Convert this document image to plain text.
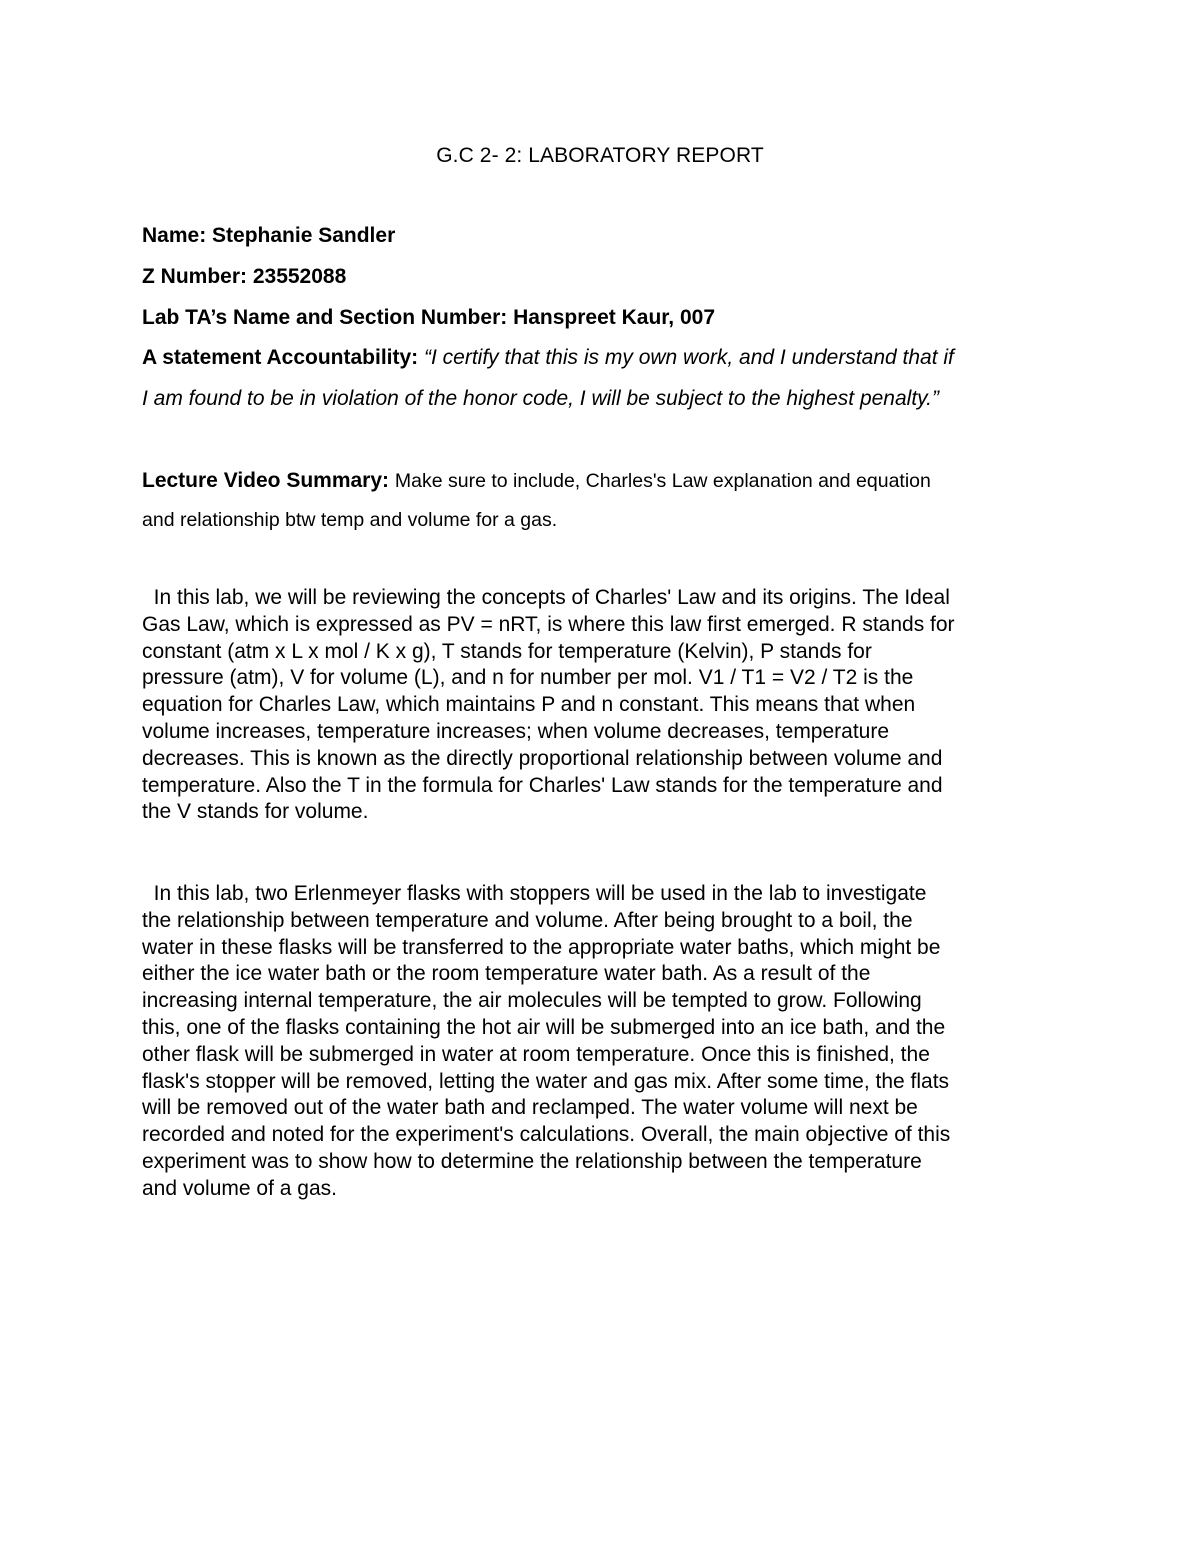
G.C 2- 2: LABORATORY REPORT
Name: Stephanie Sandler
Z Number: 23552088
Lab TA’s Name and Section Number: Hanspreet Kaur, 007
A statement Accountability: “I certify that this is my own work, and I understand that if
I am found to be in violation of the honor code, I will be subject to the highest penalty.”
Lecture Video Summary: Make sure to include, Charles's Law explanation and equation
and relationship btw temp and volume for a gas.

In this lab, we will be reviewing the concepts of Charles' Law and its origins. The Ideal

Gas Law, which is expressed as PV = nRT, is where this law first emerged. R stands for

constant (atm x L x mol / K x g), T stands for temperature (Kelvin), P stands for

pressure (atm), V for volume (L), and n for number per mol. V1 / T1 = V2 / T2 is the

equation for Charles Law, which maintains P and n constant. This means that when

volume increases, temperature increases; when volume decreases, temperature

decreases. This is known as the directly proportional relationship between volume and

temperature. Also the T in the formula for Charles' Law stands for the temperature and

the V stands for volume.

In this lab, two Erlenmeyer flasks with stoppers will be used in the lab to investigate

the relationship between temperature and volume. After being brought to a boil, the

water in these flasks will be transferred to the appropriate water baths, which might be

either the ice water bath or the room temperature water bath. As a result of the

increasing internal temperature, the air molecules will be tempted to grow. Following

this, one of the flasks containing the hot air will be submerged into an ice bath, and the

other flask will be submerged in water at room temperature. Once this is finished, the

flask's stopper will be removed, letting the water and gas mix. After some time, the flats

will be removed out of the water bath and reclamped. The water volume will next be

recorded and noted for the experiment's calculations. Overall, the main objective of this

experiment was to show how to determine the relationship between the temperature

and volume of a gas.
